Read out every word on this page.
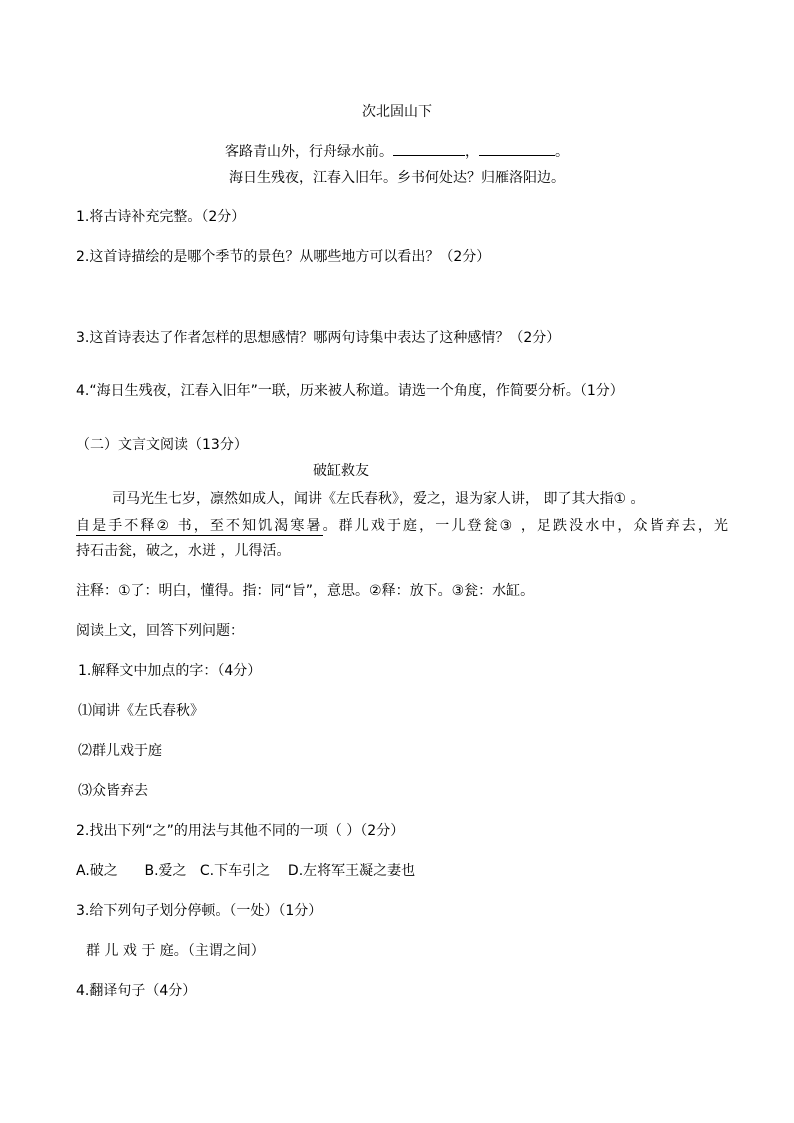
次北固山下
客路青山外，行舟绿水前。	，	。
海日生残夜，江春入旧年。乡书何处达？归雁洛阳边。
1.将古诗补充完整。（2分）
2.这首诗描绘的是哪个季节的景色？从哪些地方可以看出？（2分）
3.这首诗表达了作者怎样的思想感情？哪两句诗集中表达了这种感情？（2分）
4.“海日生残夜，江春入旧年”一联，历来被人称道。请选一个角度，作简要分析。（1分）
（二）文言文阅读（13分）
破缸救友
司马光生七岁，凛然如成人，闻讲《左氏春秋》，爱之，退为家人讲， 即了其大指① 。
自是手不释② 书，至不知饥渴寒暑。群儿戏于庭，一儿登瓮③ ，足跌没水中，众皆弃去，光
持石击瓮，破之，水迸 ，儿得活。
注释：①了：明白，懂得。指：同“旨”，意思。②释：放下。③瓮：水缸。
阅读上文，回答下列问题：
1.解释文中加点的字：（4分）
⑴闻讲《左氏春秋》
⑵群儿戏于庭
⑶众皆弃去
2.找出下列“之”的用法与其他不同的一项（ ）（2分）
A.破之      B.爱之   C.下车引之    D.左将军王凝之妻也
3.给下列句子划分停顿。（一处）（1分）
群 儿 戏 于 庭。（主谓之间）
4.翻译句子（4分）
